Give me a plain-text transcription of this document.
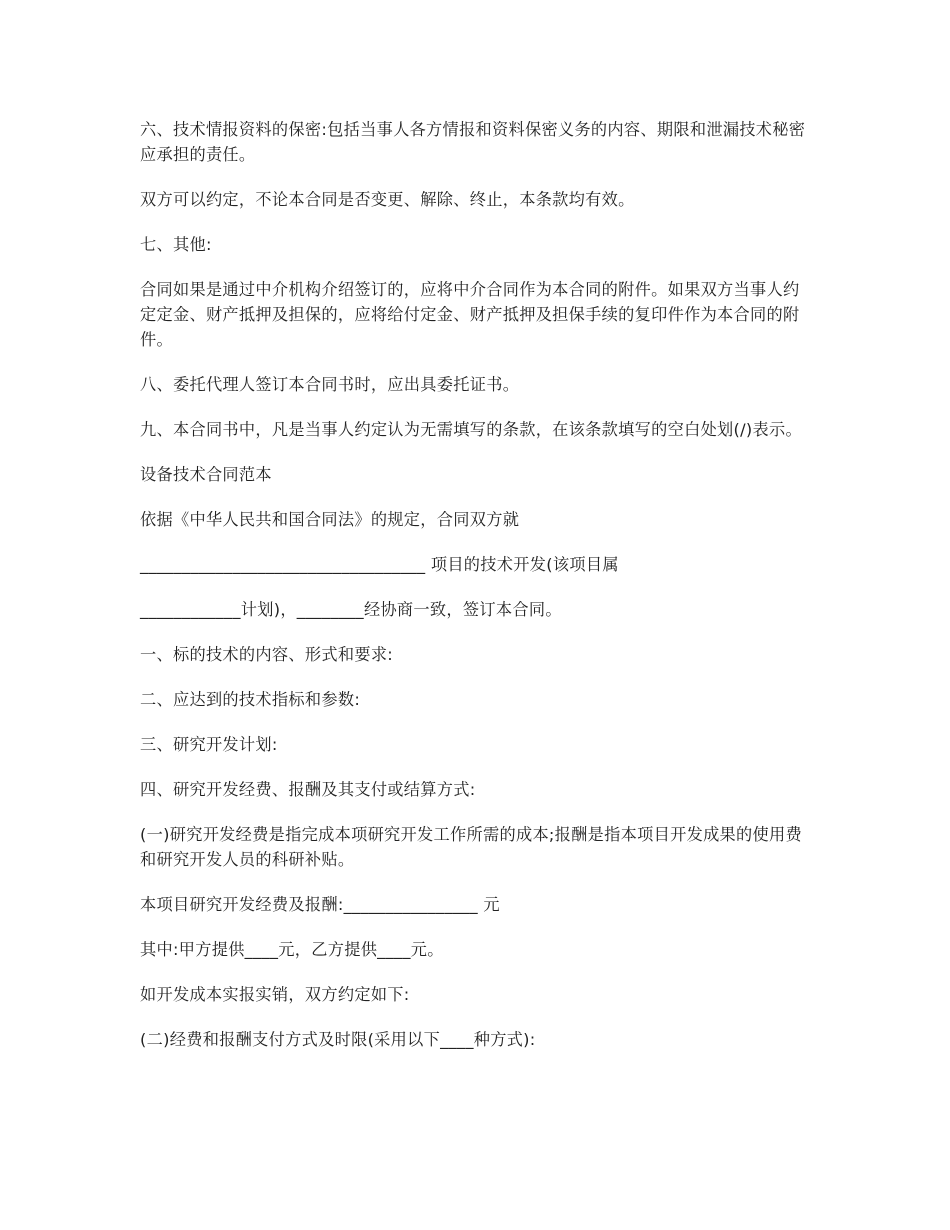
六、技术情报资料的保密:包括当事人各方情报和资料保密义务的内容、期限和泄漏技术秘密应承担的责任。

双方可以约定，不论本合同是否变更、解除、终止，本条款均有效。

七、其他:

合同如果是通过中介机构介绍签订的，应将中介合同作为本合同的附件。如果双方当事人约定定金、财产抵押及担保的，应将给付定金、财产抵押及担保手续的复印件作为本合同的附件。

八、委托代理人签订本合同书时，应出具委托证书。

九、本合同书中，凡是当事人约定认为无需填写的条款，在该条款填写的空白处划(/)表示。

设备技术合同范本

依据《中华人民共和国合同法》的规定，合同双方就

__________________________________ 项目的技术开发(该项目属

____________计划)，________经协商一致，签订本合同。

一、标的技术的内容、形式和要求:

二、应达到的技术指标和参数:

三、研究开发计划:

四、研究开发经费、报酬及其支付或结算方式:

(一)研究开发经费是指完成本项研究开发工作所需的成本;报酬是指本项目开发成果的使用费和研究开发人员的科研补贴。

本项目研究开发经费及报酬:________________ 元

其中:甲方提供____元，乙方提供____元。

如开发成本实报实销，双方约定如下:

(二)经费和报酬支付方式及时限(采用以下____种方式):
